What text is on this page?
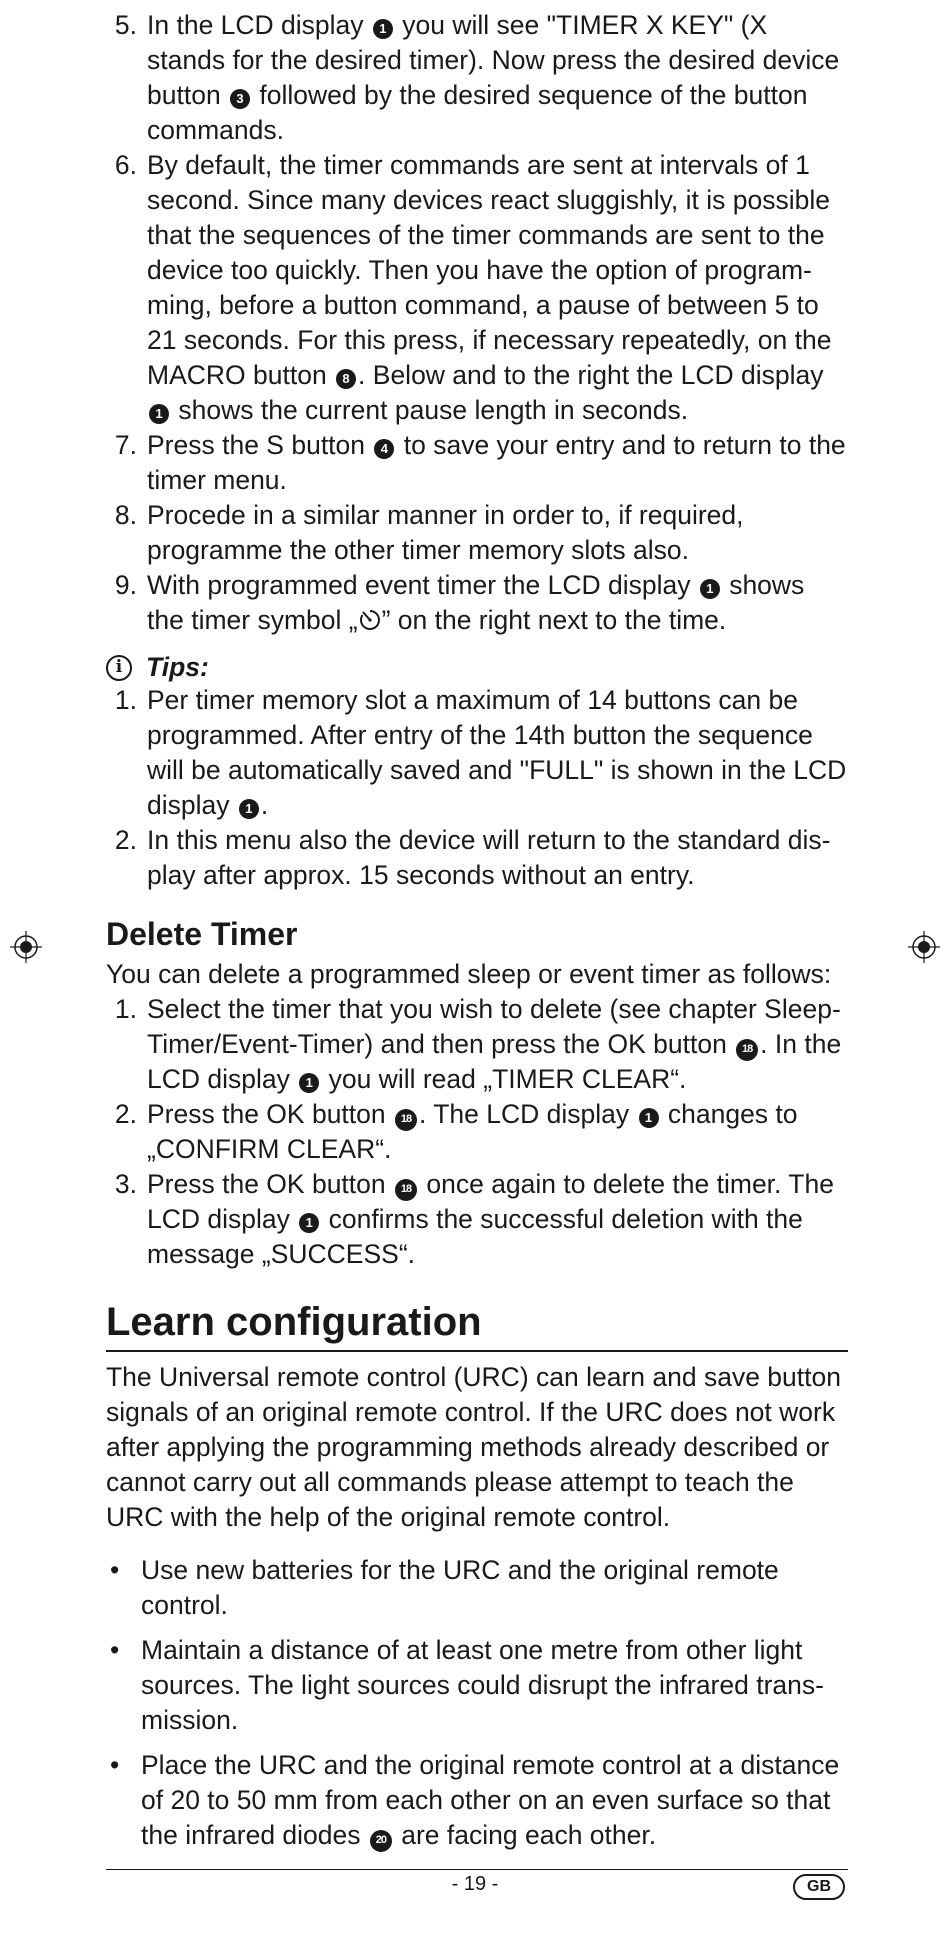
5. In the LCD display 1 you will see "TIMER X KEY" (X stands for the desired timer). Now press the desired device button 3 followed by the desired sequence of the button commands.
6. By default, the timer commands are sent at intervals of 1 second. Since many devices react sluggishly, it is possible that the sequences of the timer commands are sent to the device too quickly. Then you have the option of programming, before a button command, a pause of between 5 to 21 seconds. For this press, if necessary repeatedly, on the MACRO button 8 . Below and to the right the LCD display 1 shows the current pause length in seconds.
7. Press the S button 4 to save your entry and to return to the timer menu.
8. Procede in a similar manner in order to, if required, programme the other timer memory slots also.
9. With programmed event timer the LCD display 1 shows the timer symbol „ ” on the right next to the time.
i Tips:
1. Per timer memory slot a maximum of 14 buttons can be programmed. After entry of the 14th button the sequence will be automatically saved and "FULL" is shown in the LCD display 1 .
2. In this menu also the device will return to the standard display after approx. 15 seconds without an entry.
Delete Timer
You can delete a programmed sleep or event timer as follows:
1. Select the timer that you wish to delete (see chapter Sleep-Timer/Event-Timer) and then press the OK button 18 . In the LCD display 1 you will read „TIMER CLEAR“.
2. Press the OK button 18 . The LCD display 1 changes to „CONFIRM CLEAR“.
3. Press the OK button 18 once again to delete the timer. The LCD display 1 confirms the successful deletion with the message „SUCCESS“.
Learn configuration
The Universal remote control (URC) can learn and save button signals of an original remote control. If the URC does not work after applying the programming methods already described or cannot carry out all commands please attempt to teach the URC with the help of the original remote control.
• Use new batteries for the URC and the original remote control.
• Maintain a distance of at least one metre from other light sources. The light sources could disrupt the infrared transmission.
• Place the URC and the original remote control at a distance of 20 to 50 mm from each other on an even surface so that the infrared diodes 20 are facing each other.
- 19 -	GB
